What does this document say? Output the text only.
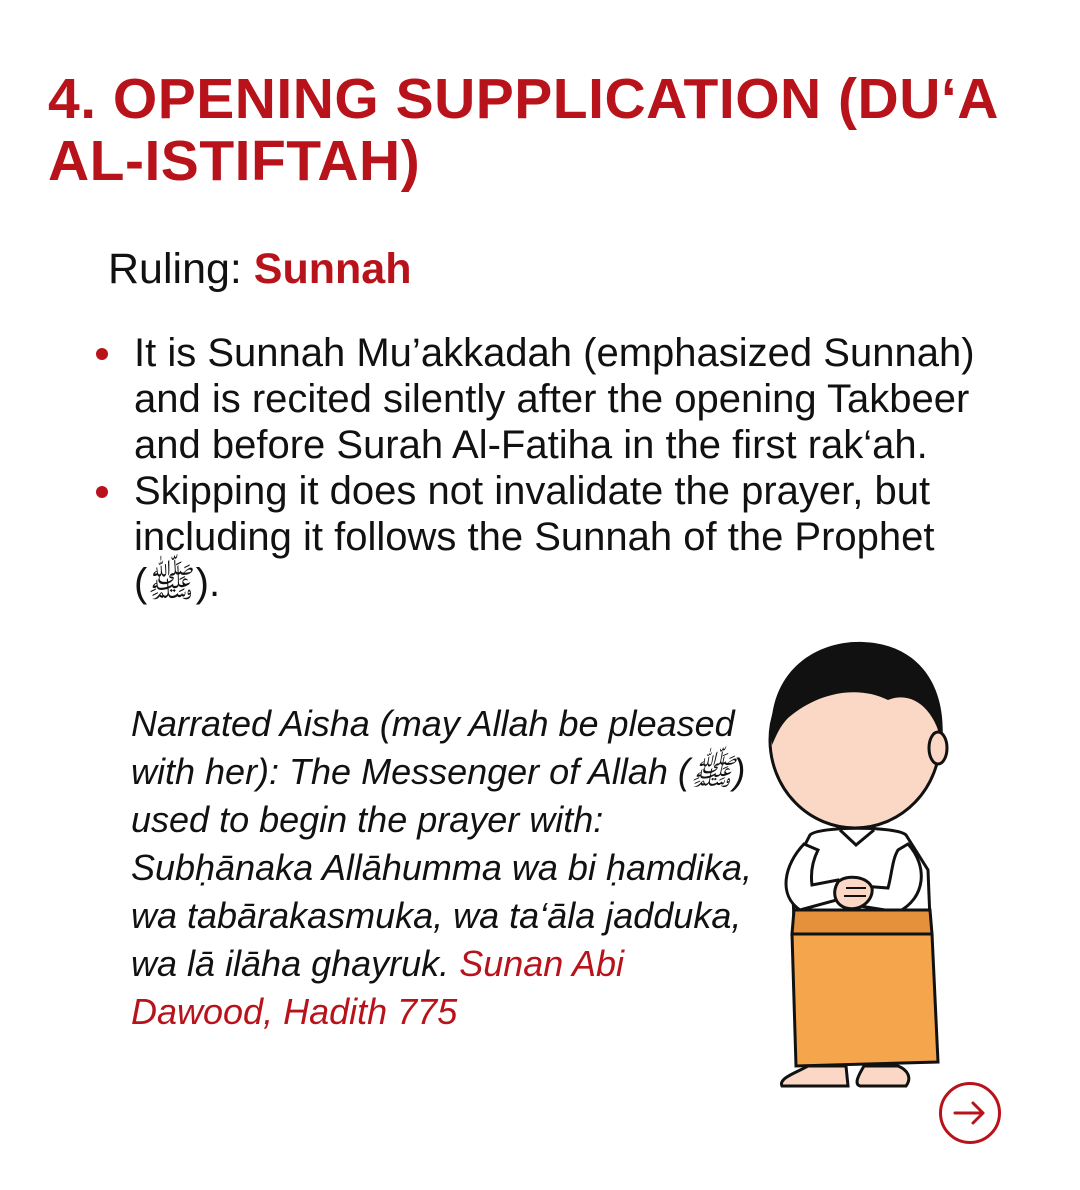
4. OPENING SUPPLICATION (DU‘A AL-ISTIFTAH)
Ruling: Sunnah
It is Sunnah Mu’akkadah (emphasized Sunnah) and is recited silently after the opening Takbeer and before Surah Al-Fatiha in the first rak‘ah.
Skipping it does not invalidate the prayer, but including it follows the Sunnah of the Prophet (ﷺ).
Narrated Aisha (may Allah be pleased with her): The Messenger of Allah (ﷺ) used to begin the prayer with: Subḥānaka Allāhumma wa bi ḥamdika, wa tabārakasmuka, wa ta‘āla jadduka, wa lā ilāha ghayruk. Sunan Abi Dawood, Hadith 775
